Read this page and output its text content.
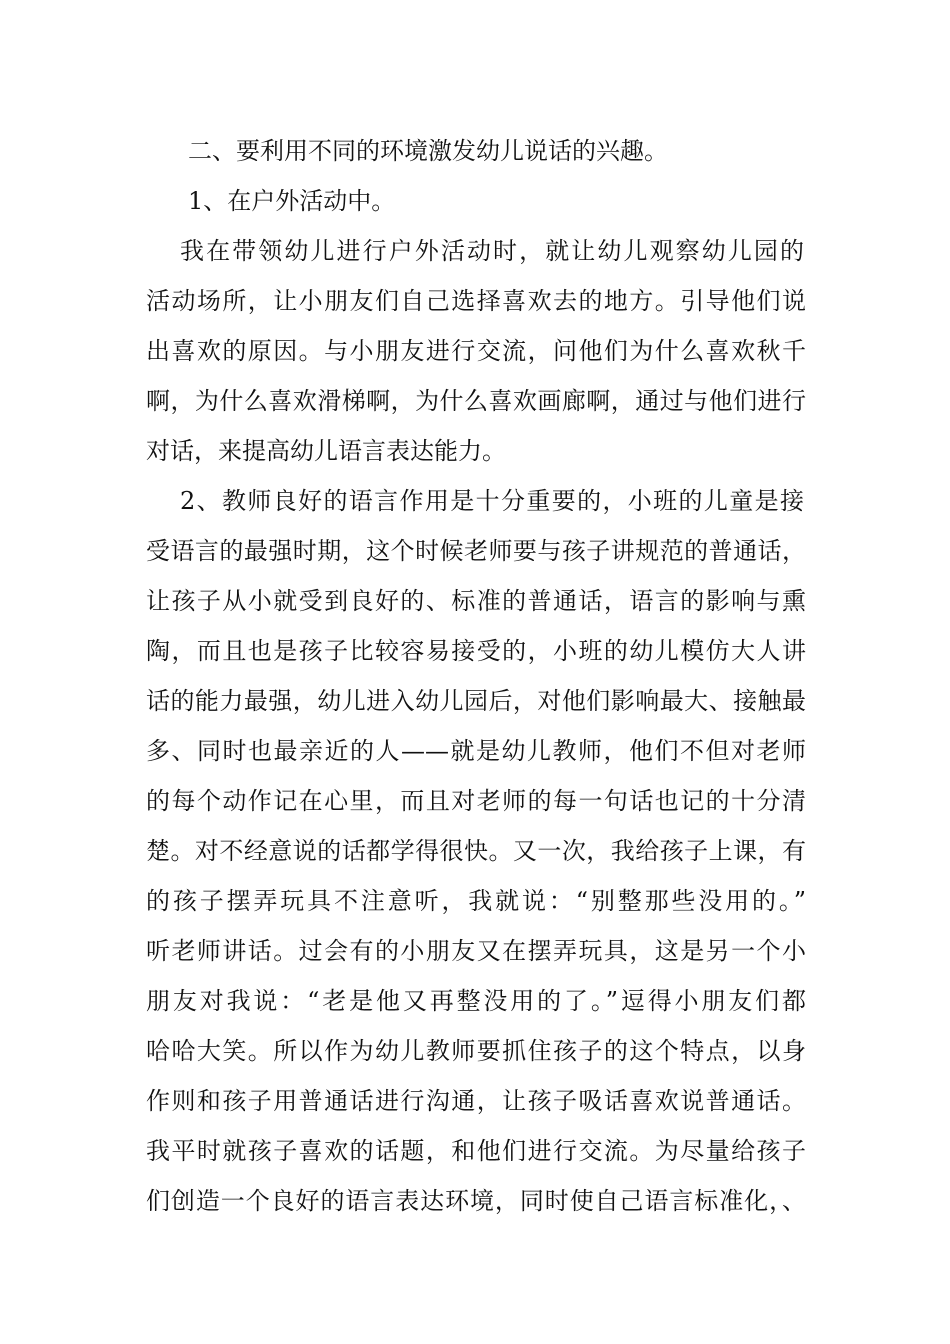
二、要利用不同的环境激发幼儿说话的兴趣。
1、在户外活动中。
我在带领幼儿进行户外活动时，就让幼儿观察幼儿园的
活动场所，让小朋友们自己选择喜欢去的地方。引导他们说
出喜欢的原因。与小朋友进行交流，问他们为什么喜欢秋千
啊，为什么喜欢滑梯啊，为什么喜欢画廊啊，通过与他们进行
对话，来提高幼儿语言表达能力。
2、教师良好的语言作用是十分重要的，小班的儿童是接
受语言的最强时期，这个时候老师要与孩子讲规范的普通话，
让孩子从小就受到良好的、标准的普通话，语言的影响与熏
陶，而且也是孩子比较容易接受的，小班的幼儿模仿大人讲
话的能力最强，幼儿进入幼儿园后，对他们影响最大、接触最
多、同时也最亲近的人——就是幼儿教师，他们不但对老师
的每个动作记在心里，而且对老师的每一句话也记的十分清
楚。对不经意说的话都学得很快。又一次，我给孩子上课，有
的孩子摆弄玩具不注意听，我就说：“别整那些没用的。”
听老师讲话。过会有的小朋友又在摆弄玩具，这是另一个小
朋友对我说：“老是他又再整没用的了。”逗得小朋友们都
哈哈大笑。所以作为幼儿教师要抓住孩子的这个特点，以身
作则和孩子用普通话进行沟通，让孩子吸话喜欢说普通话。
我平时就孩子喜欢的话题，和他们进行交流。为尽量给孩子
们创造一个良好的语言表达环境，同时使自己语言标准化，、
